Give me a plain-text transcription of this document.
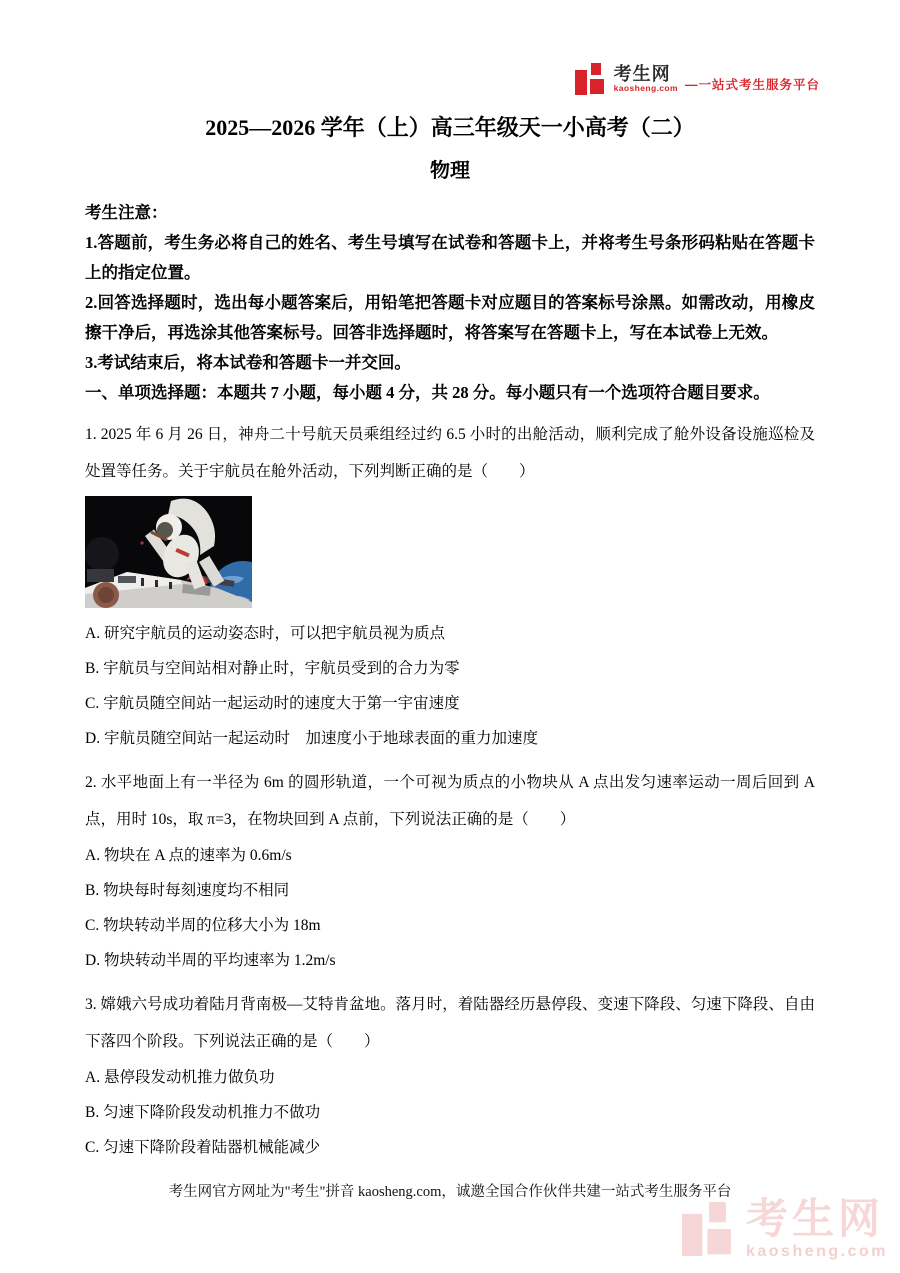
考生网
kaosheng.com —一站式考生服务平台
2025—2026 学年（上）高三年级天一小高考（二）
物理

考生注意：

1.答题前，考生务必将自己的姓名、考生号填写在试卷和答题卡上，并将考生号条形码粘贴在答题卡上的指定位置。

2.回答选择题时，选出每小题答案后，用铅笔把答题卡对应题目的答案标号涂黑。如需改动，用橡皮擦干净后，再选涂其他答案标号。回答非选择题时，将答案写在答题卡上，写在本试卷上无效。

3.考试结束后，将本试卷和答题卡一并交回。

一、单项选择题：本题共 7 小题，每小题 4 分，共 28 分。每小题只有一个选项符合题目要求。

1. 2025 年 6 月 26 日，神舟二十号航天员乘组经过约 6.5 小时的出舱活动，顺利完成了舱外设备设施巡检及处置等任务。关于宇航员在舱外活动，下列判断正确的是（　　）

A. 研究宇航员的运动姿态时，可以把宇航员视为质点

B. 宇航员与空间站相对静止时，宇航员受到的合力为零

C. 宇航员随空间站一起运动时的速度大于第一宇宙速度

D. 宇航员随空间站一起运动时　加速度小于地球表面的重力加速度

2. 水平地面上有一半径为 6m 的圆形轨道，一个可视为质点的小物块从 A 点出发匀速率运动一周后回到 A 点，用时 10s，取 π=3，在物块回到 A 点前，下列说法正确的是（　　）

A. 物块在 A 点的速率为 0.6m/s

B. 物块每时每刻速度均不相同

C. 物块转动半周的位移大小为 18m

D. 物块转动半周的平均速率为 1.2m/s

3. 嫦娥六号成功着陆月背南极—艾特肯盆地。落月时，着陆器经历悬停段、变速下降段、匀速下降段、自由下落四个阶段。下列说法正确的是（　　）

A. 悬停段发动机推力做负功

B. 匀速下降阶段发动机推力不做功

C. 匀速下降阶段着陆器机械能减少

考生网官方网址为"考生"拼音 kaosheng.com，诚邀全国合作伙伴共建一站式考生服务平台
考生网
kaosheng.com
